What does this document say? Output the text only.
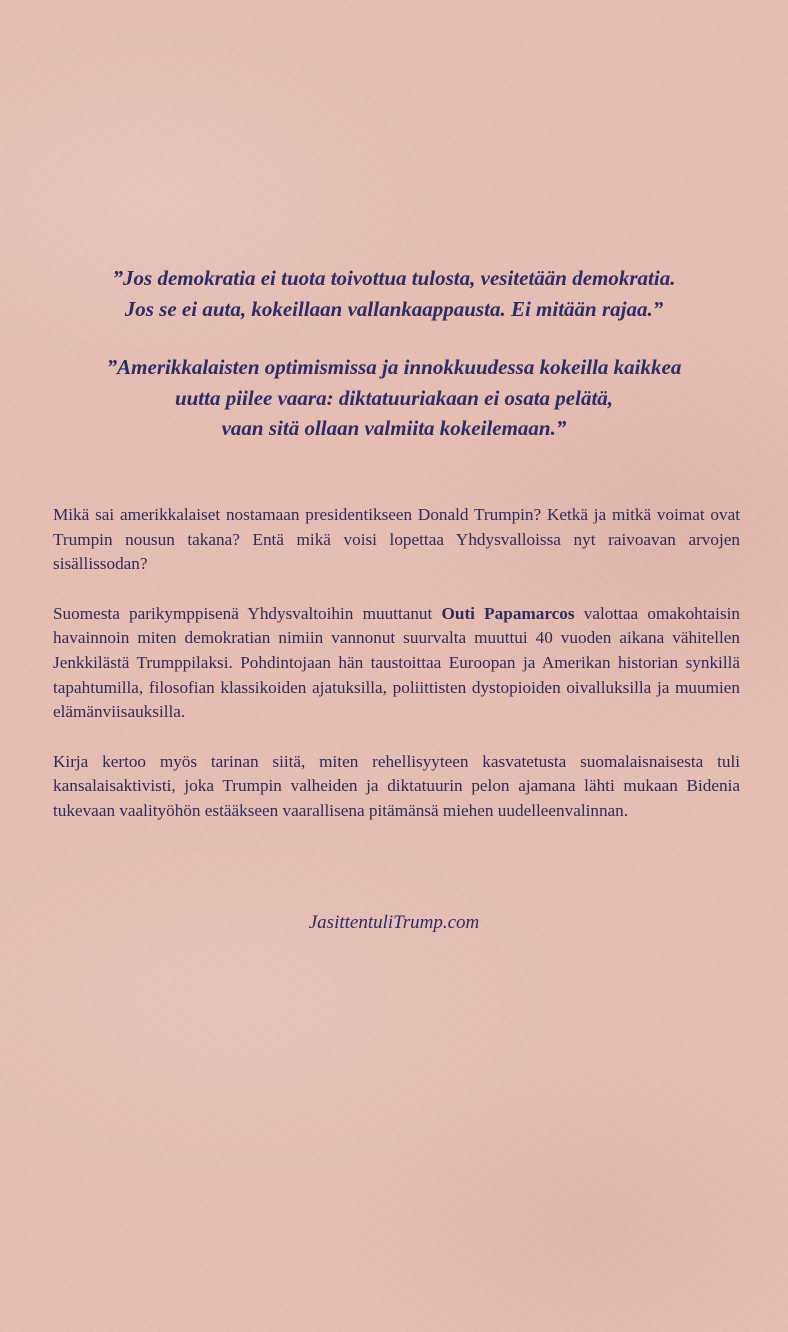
”Jos demokratia ei tuota toivottua tulosta, vesitetään demokratia.
Jos se ei auta, kokeillaan vallankaappausta. Ei mitään rajaa.”

”Amerikkalaisten optimismissa ja innokkuudessa kokeilla kaikkea
uutta piilee vaara: diktatuuriakaan ei osata pelätä,
vaan sitä ollaan valmiita kokeilemaan.”

Mikä sai amerikkalaiset nostamaan presidentikseen Donald Trumpin? Ketkä ja mitkä voimat ovat Trumpin nousun takana? Entä mikä voisi lopettaa Yhdysvalloissa nyt raivoavan arvojen sisällissodan?

Suomesta parikymppisenä Yhdysvaltoihin muuttanut Outi Papamarcos valottaa omakohtaisin havainnoin miten demokratian nimiin vannonut suurvalta muuttui 40 vuoden aikana vähitellen Jenkkilästä Trumppilaksi. Pohdintojaan hän taustoittaa Euroopan ja Amerikan historian synkillä tapahtumilla, filosofian klassikoiden ajatuksilla, poliittisten dystopioiden oivalluksilla ja muumien elämänviisauksilla.

Kirja kertoo myös tarinan siitä, miten rehellisyyteen kasvatetusta suomalaisnaisesta tuli kansalaisaktivisti, joka Trumpin valheiden ja diktatuurin pelon ajamana lähti mukaan Bidenia tukevaan vaalityöhön estääkseen vaarallisena pitämänsä miehen uudelleenvalinnan.

JasittentuliTrump.com
